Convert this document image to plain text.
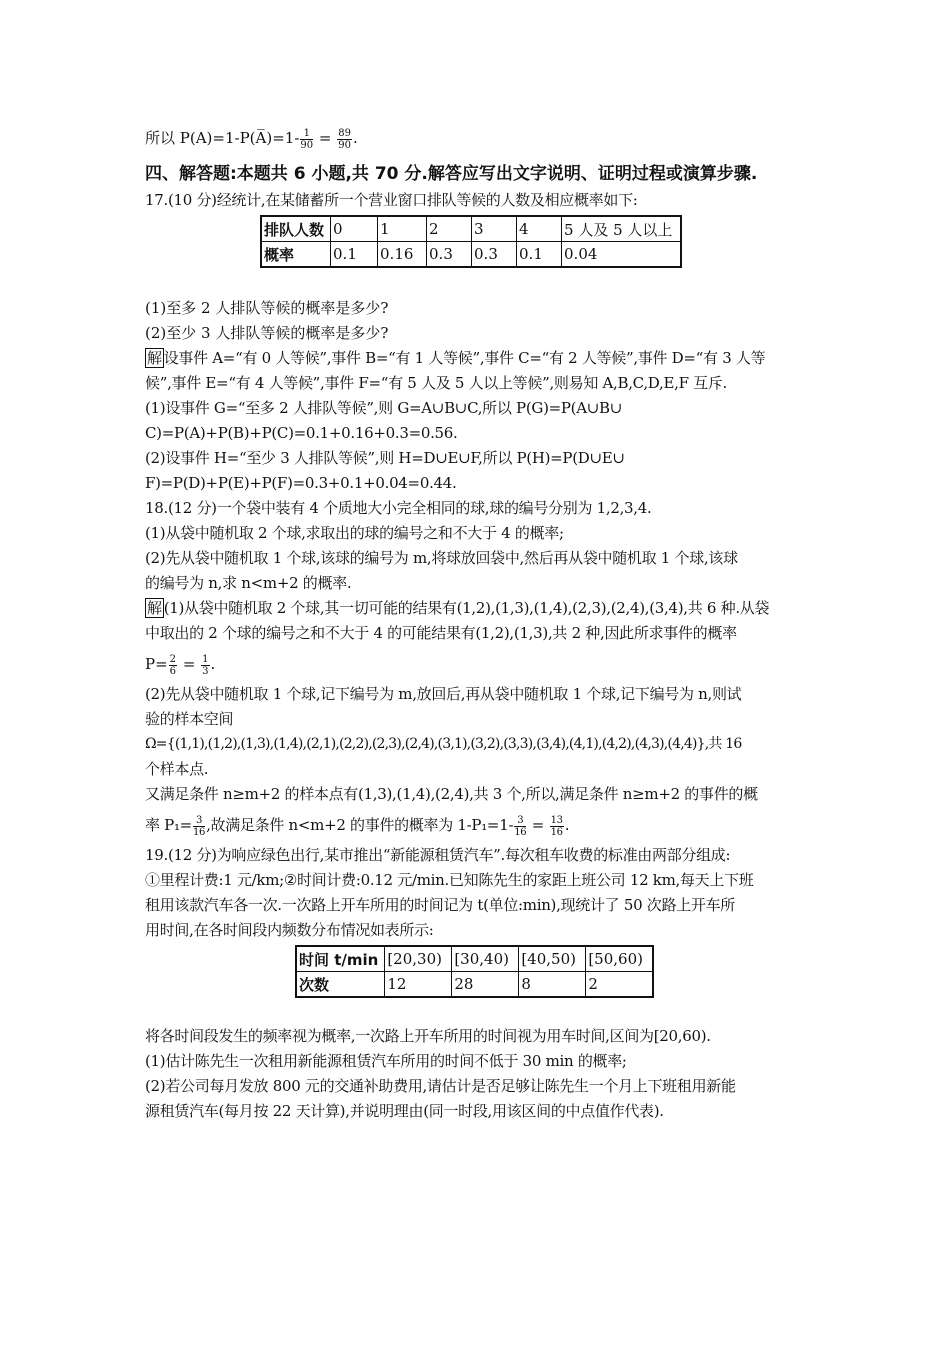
所以 P(A)=1-P(A̅)=1- $\frac{1}{90} = \frac{89}{90}$ .

四、解答题:本题共 6 小题,共 70 分.解答应写出文字说明、证明过程或演算步骤.

17.(10 分)经统计,在某储蓄所一个营业窗口排队等候的人数及相应概率如下:

排队人数	0	1	2	3	4	5 人及 5 人以上
概率	0.1	0.16	0.3	0.3	0.1	0.04

(1)至多 2 人排队等候的概率是多少?

(2)至少 3 人排队等候的概率是多少?

解 设事件 A=“有 0 人等候”,事件 B=“有 1 人等候”,事件 C=“有 2 人等候”,事件 D=“有 3 人等

候”,事件 E=“有 4 人等候”,事件 F=“有 5 人及 5 人以上等候”,则易知 A,B,C,D,E,F 互斥.

(1)设事件 G=“至多 2 人排队等候”,则 G=A∪B∪C,所以 P(G)=P(A∪B∪

C)=P(A)+P(B)+P(C)=0.1+0.16+0.3=0.56.

(2)设事件 H=“至少 3 人排队等候”,则 H=D∪E∪F,所以 P(H)=P(D∪E∪

F)=P(D)+P(E)+P(F)=0.3+0.1+0.04=0.44.

18.(12 分)一个袋中装有 4 个质地大小完全相同的球,球的编号分别为 1,2,3,4.

(1)从袋中随机取 2 个球,求取出的球的编号之和不大于 4 的概率;

(2)先从袋中随机取 1 个球,该球的编号为 m,将球放回袋中,然后再从袋中随机取 1 个球,该球

的编号为 n,求 n<m+2 的概率.

解 (1)从袋中随机取 2 个球,其一切可能的结果有(1,2),(1,3),(1,4),(2,3),(2,4),(3,4),共 6 种.从袋

中取出的 2 个球的编号之和不大于 4 的可能结果有(1,2),(1,3),共 2 种,因此所求事件的概率

$P= \frac{2}{6} = \frac{1}{3}$ .

(2)先从袋中随机取 1 个球,记下编号为 m,放回后,再从袋中随机取 1 个球,记下编号为 n,则试

验的样本空间

Ω={(1,1),(1,2),(1,3),(1,4),(2,1),(2,2),(2,3),(2,4),(3,1),(3,2),(3,3),(3,4),(4,1),(4,2),(4,3),(4,4)},共 16

个样本点.

又满足条件 n≥m+2 的样本点有(1,3),(1,4),(2,4),共 3 个,所以,满足条件 n≥m+2 的事件的概

率 $P_1= \frac{3}{16}$ ,故满足条件 n<m+2 的事件的概率为 $1-P_1=1- \frac{3}{16} = \frac{13}{16}$ .

19.(12 分)为响应绿色出行,某市推出“新能源租赁汽车”.每次租车收费的标准由两部分组成:

①里程计费:1 元/km;②时间计费:0.12 元/min.已知陈先生的家距上班公司 12 km,每天上下班

租用该款汽车各一次.一次路上开车所用的时间记为 t(单位:min),现统计了 50 次路上开车所

用时间,在各时间段内频数分布情况如表所示:

时间 t/min	[20,30)	[30,40)	[40,50)	[50,60)
次数	12	28	8	2

将各时间段发生的频率视为概率,一次路上开车所用的时间视为用车时间,区间为[20,60).

(1)估计陈先生一次租用新能源租赁汽车所用的时间不低于 30 min 的概率;

(2)若公司每月发放 800 元的交通补助费用,请估计是否足够让陈先生一个月上下班租用新能

源租赁汽车(每月按 22 天计算),并说明理由(同一时段,用该区间的中点值作代表).
